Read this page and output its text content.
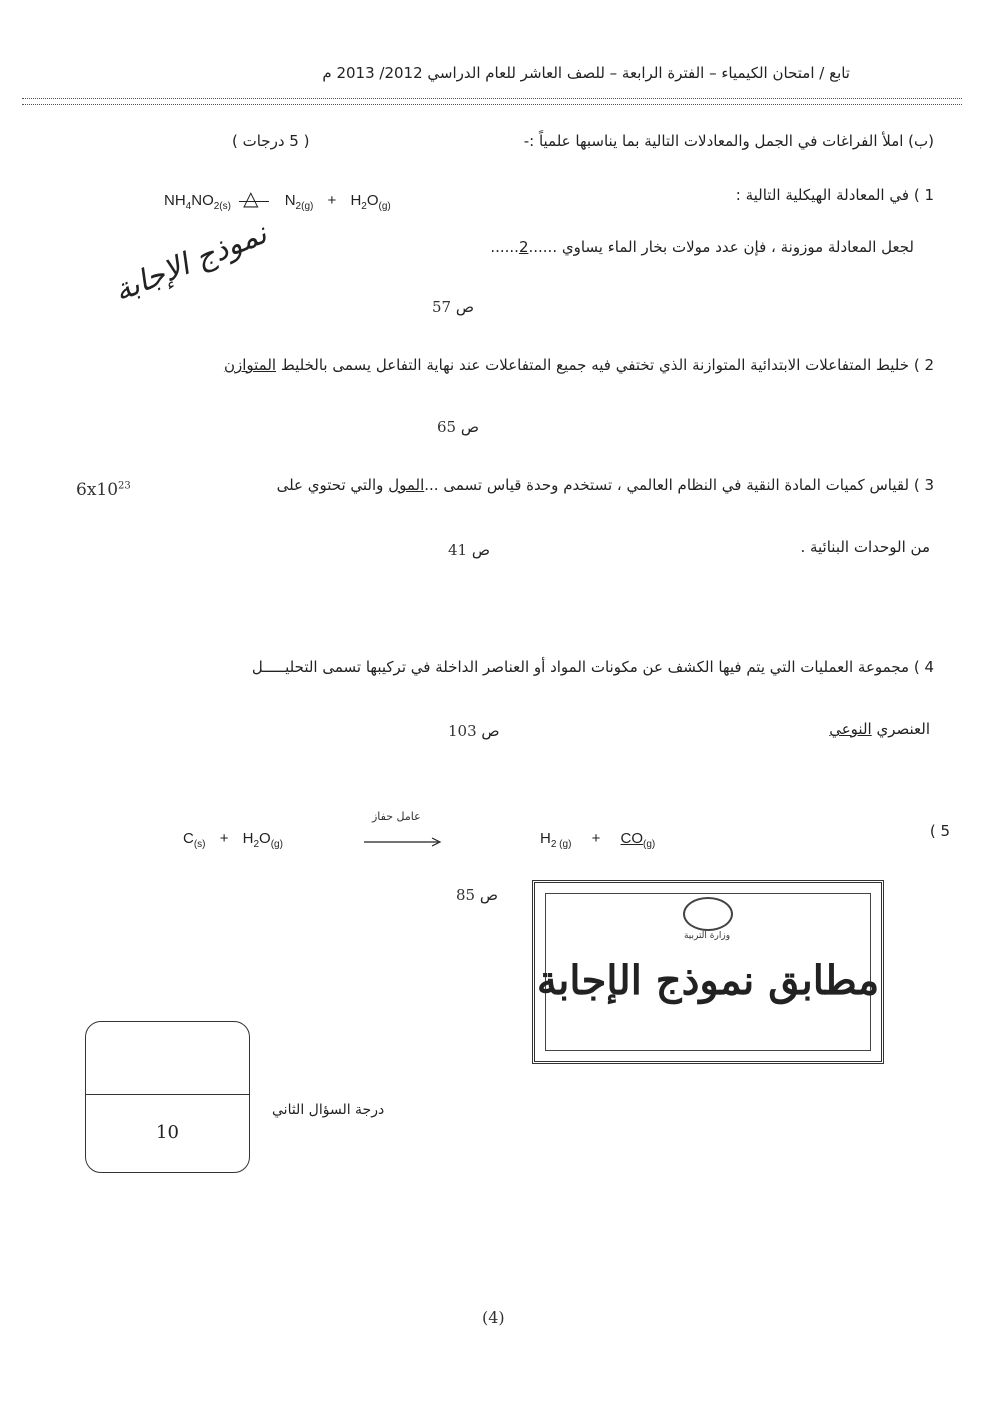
تابع / امتحان الكيمياء – الفترة الرابعة – للصف العاشر للعام الدراسي 2012/ 2013 م
(ب) املأ الفراغات في الجمل والمعادلات التالية بما يناسبها علمياً :-
( 5 درجات )
1 ) في المعادلة الهيكلية التالية :
$NH_4NO_{2(s)}$ △ $N_{2(g)} + H_2O_{(g)}$
لجعل المعادلة موزونة ، فإن عدد مولات بخار الماء يساوي ......2......
ص 57
نموذج الإجابة
2 ) خليط المتفاعلات الابتدائية المتوازنة الذي تختفي فيه جميع المتفاعلات عند نهاية التفاعل يسمى بالخليط المتوازن
ص 65
3 ) لقياس كميات المادة النقية في النظام العالمي ، تستخدم وحدة قياس تسمى ...المول والتي تحتوي على
$6x10^{23}$
من الوحدات البنائية .
ص 41
4 ) مجموعة العمليات التي يتم فيها الكشف عن مكونات المواد أو العناصر الداخلة في تركيبها تسمى التحليـــــل
العنصري النوعي
ص 103
5 )
$C_{(s)} + H_2O_{(g)}$
عامل حفاز
$H_{2 (g)} + CO_{(g)}$
ص 85
وزارة التربية
مطابق نموذج الإجابة
10
درجة السؤال الثاني
(4)
